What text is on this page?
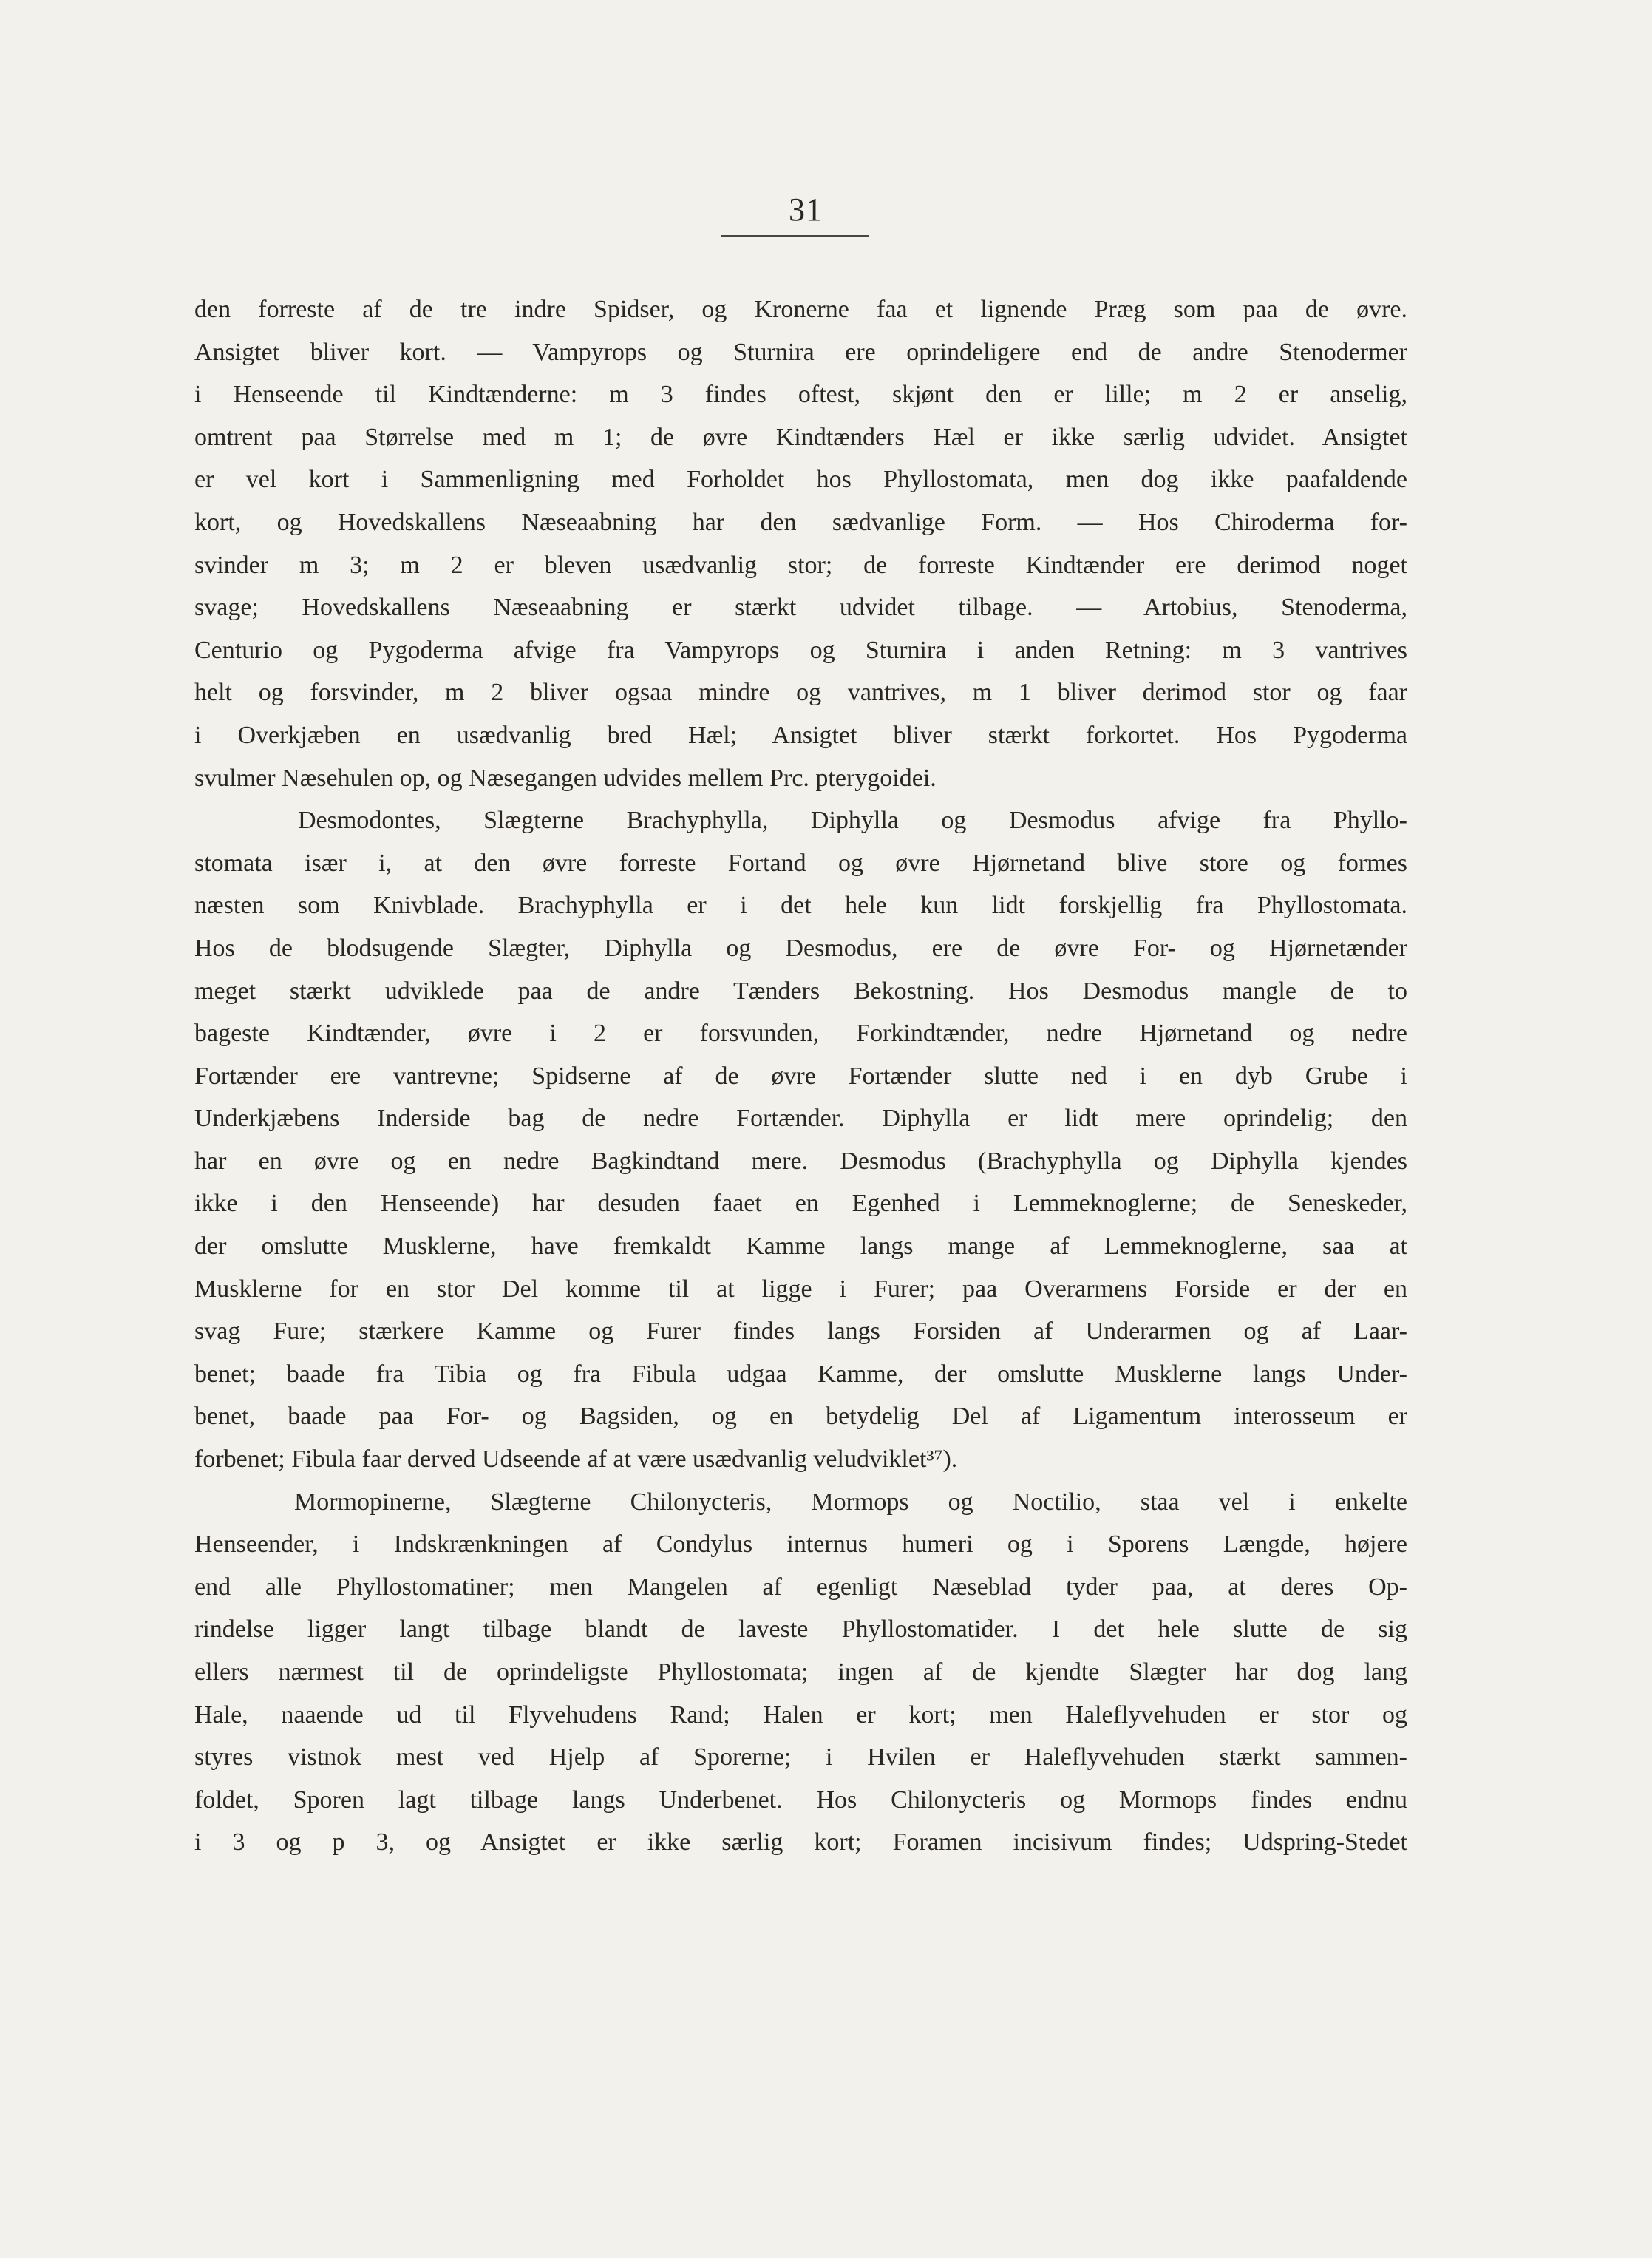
31
den forreste af de tre indre Spidser, og Kronerne faa et lignende Præg som paa de øvre.
Ansigtet bliver kort. — Vampyrops og Sturnira ere oprindeligere end de andre Stenodermer
i Henseende til Kindtænderne: m 3 findes oftest, skjønt den er lille; m 2 er anselig,
omtrent paa Størrelse med m 1; de øvre Kindtænders Hæl er ikke særlig udvidet. Ansigtet
er vel kort i Sammenligning med Forholdet hos Phyllostomata, men dog ikke paafaldende
kort, og Hovedskallens Næseaabning har den sædvanlige Form. — Hos Chiroderma for-
svinder m 3; m 2 er bleven usædvanlig stor; de forreste Kindtænder ere derimod noget
svage; Hovedskallens Næseaabning er stærkt udvidet tilbage. — Artobius, Stenoderma,
Centurio og Pygoderma afvige fra Vampyrops og Sturnira i anden Retning: m 3 vantrives
helt og forsvinder, m 2 bliver ogsaa mindre og vantrives, m 1 bliver derimod stor og faar
i Overkjæben en usædvanlig bred Hæl; Ansigtet bliver stærkt forkortet. Hos Pygoderma
svulmer Næsehulen op, og Næsegangen udvides mellem Prc. pterygoidei.
Desmodontes, Slægterne Brachyphylla, Diphylla og Desmodus afvige fra Phyllo-
stomata især i, at den øvre forreste Fortand og øvre Hjørnetand blive store og formes
næsten som Knivblade. Brachyphylla er i det hele kun lidt forskjellig fra Phyllostomata.
Hos de blodsugende Slægter, Diphylla og Desmodus, ere de øvre For- og Hjørnetænder
meget stærkt udviklede paa de andre Tænders Bekostning. Hos Desmodus mangle de to
bageste Kindtænder, øvre i 2 er forsvunden, Forkindtænder, nedre Hjørnetand og nedre
Fortænder ere vantrevne; Spidserne af de øvre Fortænder slutte ned i en dyb Grube i
Underkjæbens Inderside bag de nedre Fortænder. Diphylla er lidt mere oprindelig; den
har en øvre og en nedre Bagkindtand mere. Desmodus (Brachyphylla og Diphylla kjendes
ikke i den Henseende) har desuden faaet en Egenhed i Lemmeknoglerne; de Seneskeder,
der omslutte Musklerne, have fremkaldt Kamme langs mange af Lemmeknoglerne, saa at
Musklerne for en stor Del komme til at ligge i Furer; paa Overarmens Forside er der en
svag Fure; stærkere Kamme og Furer findes langs Forsiden af Underarmen og af Laar-
benet; baade fra Tibia og fra Fibula udgaa Kamme, der omslutte Musklerne langs Under-
benet, baade paa For- og Bagsiden, og en betydelig Del af Ligamentum interosseum er
forbenet; Fibula faar derved Udseende af at være usædvanlig veludviklet³⁷).
Mormopinerne, Slægterne Chilonycteris, Mormops og Noctilio, staa vel i enkelte
Henseender, i Indskrænkningen af Condylus internus humeri og i Sporens Længde, højere
end alle Phyllostomatiner; men Mangelen af egenligt Næseblad tyder paa, at deres Op-
rindelse ligger langt tilbage blandt de laveste Phyllostomatider. I det hele slutte de sig
ellers nærmest til de oprindeligste Phyllostomata; ingen af de kjendte Slægter har dog lang
Hale, naaende ud til Flyvehudens Rand; Halen er kort; men Haleflyvehuden er stor og
styres vistnok mest ved Hjelp af Sporerne; i Hvilen er Haleflyvehuden stærkt sammen-
foldet, Sporen lagt tilbage langs Underbenet. Hos Chilonycteris og Mormops findes endnu
i 3 og p 3, og Ansigtet er ikke særlig kort; Foramen incisivum findes; Udspring-Stedet
